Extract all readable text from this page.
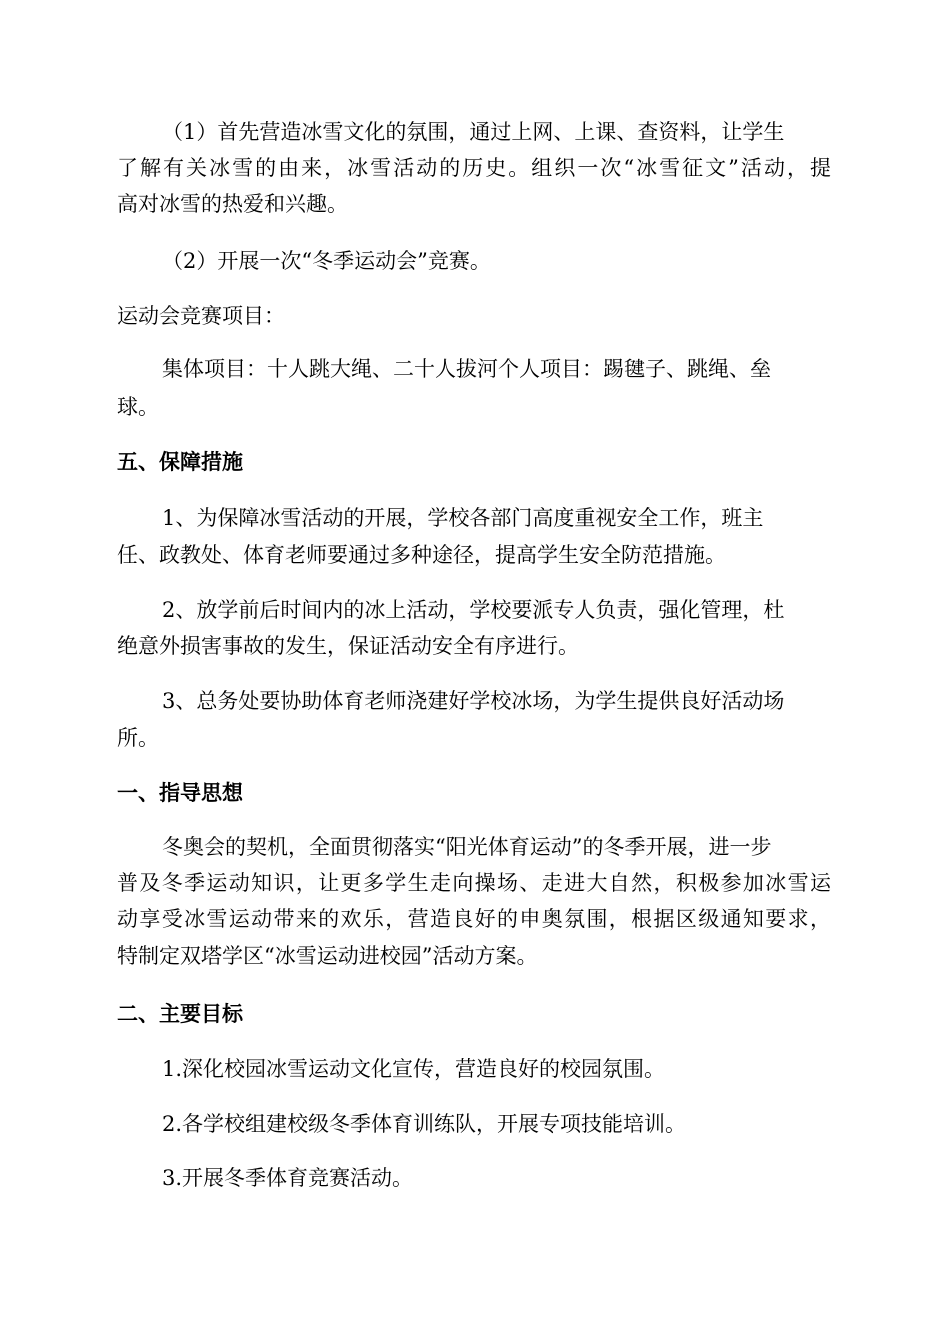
（1）首先营造冰雪文化的氛围，通过上网、上课、查资料，让学生
了解有关冰雪的由来，冰雪活动的历史。组织一次“冰雪征文”活动，提
高对冰雪的热爱和兴趣。
（2）开展一次“冬季运动会”竞赛。
运动会竞赛项目：
集体项目：十人跳大绳、二十人拔河个人项目：踢毽子、跳绳、垒
球。
五、保障措施
1、为保障冰雪活动的开展，学校各部门高度重视安全工作，班主
任、政教处、体育老师要通过多种途径，提高学生安全防范措施。
2、放学前后时间内的冰上活动，学校要派专人负责，强化管理，杜
绝意外损害事故的发生，保证活动安全有序进行。
3、总务处要协助体育老师浇建好学校冰场，为学生提供良好活动场
所。
一、指导思想
冬奥会的契机，全面贯彻落实“阳光体育运动”的冬季开展，进一步
普及冬季运动知识，让更多学生走向操场、走进大自然，积极参加冰雪运
动享受冰雪运动带来的欢乐，营造良好的申奥氛围，根据区级通知要求，
特制定双塔学区“冰雪运动进校园”活动方案。
二、主要目标
1.深化校园冰雪运动文化宣传，营造良好的校园氛围。
2.各学校组建校级冬季体育训练队，开展专项技能培训。
3.开展冬季体育竞赛活动。
